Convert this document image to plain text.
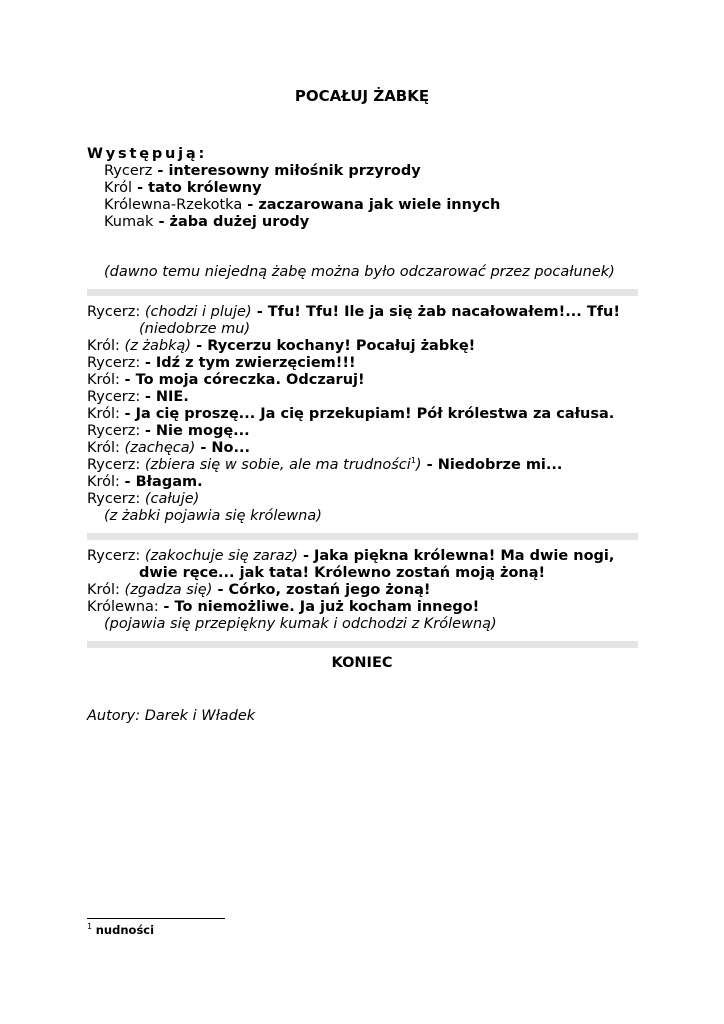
POCAŁUJ ŻABKĘ
Występują:
Rycerz - interesowny miłośnik przyrody
Król - tato królewny
Królewna-Rzekotka - zaczarowana jak wiele innych
Kumak - żaba dużej urody
(dawno temu niejedną żabę można było odczarować przez pocałunek)
Rycerz: (chodzi i pluje) - Tfu! Tfu! Ile ja się żab nacałowałem!... Tfu!
(niedobrze mu)
Król: (z żabką) - Rycerzu kochany! Pocałuj żabkę!
Rycerz: - Idź z tym zwierzęciem!!!
Król: - To moja córeczka. Odczaruj!
Rycerz: - NIE.
Król: - Ja cię proszę... Ja cię przekupiam! Pół królestwa za całusa.
Rycerz: - Nie mogę...
Król: (zachęca) - No...
Rycerz: (zbiera się w sobie, ale ma trudności$^1$) - Niedobrze mi...
Król: - Błagam.
Rycerz: (całuje)
(z żabki pojawia się królewna)
Rycerz: (zakochuje się zaraz) - Jaka piękna królewna! Ma dwie nogi,
dwie ręce... jak tata! Królewno zostań moją żoną!
Król: (zgadza się) - Córko, zostań jego żoną!
Królewna: - To niemożliwe. Ja już kocham innego!
(pojawia się przepiękny kumak i odchodzi z Królewną)
KONIEC
Autory: Darek i Władek
$^1$ nudności
